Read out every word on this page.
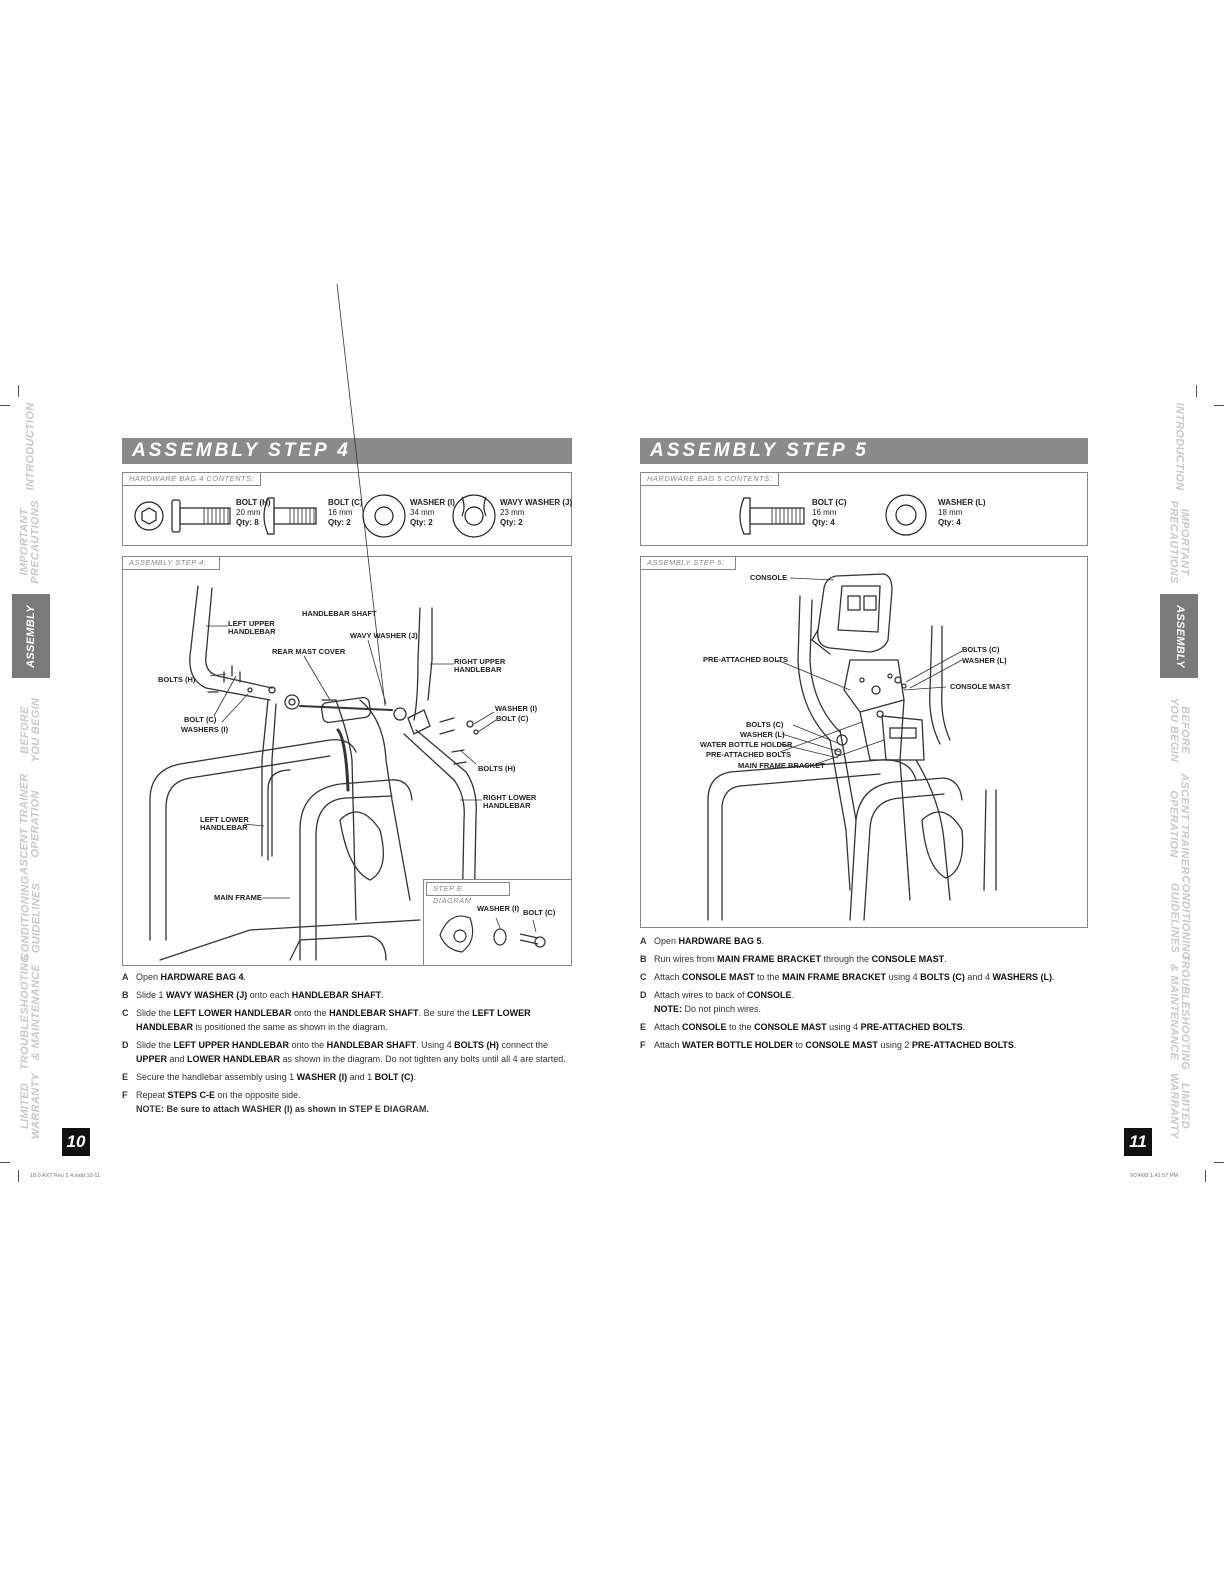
ASSEMBLY STEP 4
HARDWARE BAG 4 CONTENTS:
BOLT (H)
20 mm
Qty: 8
BOLT (C)
16 mm
Qty: 2
WASHER (I)
34 mm
Qty: 2
WAVY WASHER (J)
23 mm
Qty: 2
ASSEMBLY STEP 4:
STEP E DIAGRAM
LEFT UPPER
HANDLEBAR
HANDLEBAR SHAFT
WAVY WASHER (J)
REAR MAST COVER
RIGHT UPPER
HANDLEBAR
BOLTS (H)
BOLT (C)
WASHERS (I)
WASHER (I)
BOLT (C)
BOLTS (H)
RIGHT LOWER
HANDLEBAR
LEFT LOWER
HANDLEBAR
MAIN FRAME
WASHER (I) BOLT (C)
A Open HARDWARE BAG 4.
B Slide 1 WAVY WASHER (J) onto each HANDLEBAR SHAFT.
C Slide the LEFT LOWER HANDLEBAR onto the HANDLEBAR SHAFT. Be sure the LEFT LOWER HANDLEBAR is positioned the same as shown in the diagram.
D Slide the LEFT UPPER HANDLEBAR onto the HANDLEBAR SHAFT. Using 4 BOLTS (H) connect the UPPER and LOWER HANDLEBAR as shown in the diagram. Do not tighten any bolts until all 4 are started.
E Secure the handlebar assembly using 1 WASHER (I) and 1 BOLT (C).
F Repeat STEPS C-E on the opposite side.
NOTE: Be sure to attach WASHER (I) as shown in STEP E DIAGRAM.
10
ASSEMBLY STEP 5
HARDWARE BAG 5 CONTENTS:
BOLT (C)
16 mm
Qty: 4
WASHER (L)
18 mm
Qty: 4
ASSEMBLY STEP 5:
CONSOLE
PRE-ATTACHED BOLTS
BOLTS (C)
WASHER (L)
CONSOLE MAST
BOLTS (C)
WASHER (L)
WATER BOTTLE HOLDER
PRE-ATTACHED BOLTS
MAIN FRAME BRACKET
A Open HARDWARE BAG 5.
B Run wires from MAIN FRAME BRACKET through the CONSOLE MAST.
C Attach CONSOLE MAST to the MAIN FRAME BRACKET using 4 BOLTS (C) and 4 WASHERS (L).
D Attach wires to back of CONSOLE.
NOTE: Do not pinch wires.
E Attach CONSOLE to the CONSOLE MAST using 4 PRE-ATTACHED BOLTS.
F Attach WATER BOTTLE HOLDER to CONSOLE MAST using 2 PRE-ATTACHED BOLTS.
11
18.0 AXT Rev 2.4.indd 10-11	9/24/08 1:41:57 PM
INTRODUCTION
IMPORTANT
PRECAUTIONS
ASSEMBLY
BEFORE
YOU BEGIN
ASCENT TRAINER
OPERATION
CONDITIONING
GUIDELINES
TROUBLESHOOTING
& MAINTENANCE
LIMITED
WARRANTY
INTRODUCTION
IMPORTANT
PRECAUTIONS
ASSEMBLY
BEFORE
YOU BEGIN
ASCENT TRAINER
OPERATION
CONDITIONING
GUIDELINES
TROUBLESHOOTING
& MAINTENANCE
LIMITED
WARRANTY
